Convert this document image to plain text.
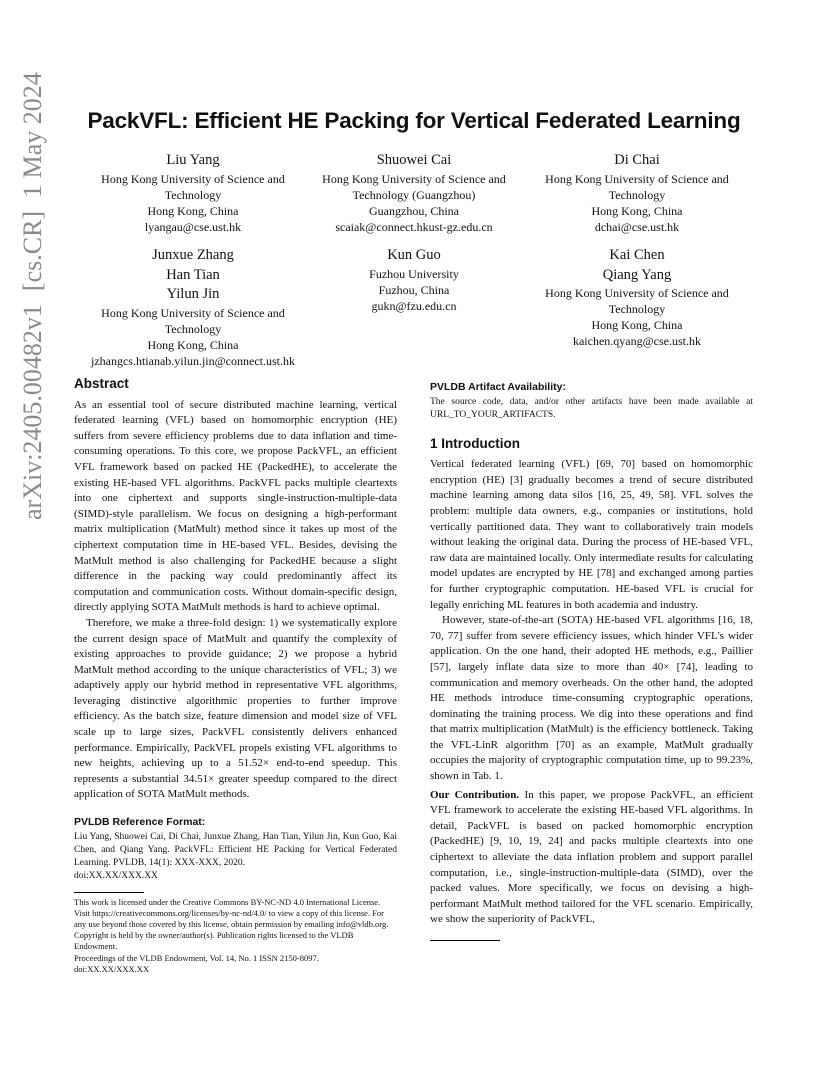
PackVFL: Efficient HE Packing for Vertical Federated Learning
arXiv:2405.00482v1  [cs.CR]  1 May 2024	Liu Yang
Hong Kong University of Science and
Technology
Hong Kong, China
lyangau@cse.ust.hk
Shuowei Cai
Hong Kong University of Science and
Technology (Guangzhou)
Guangzhou, China
scaiak@connect.hkust-gz.edu.cn
Di Chai
Hong Kong University of Science and
Technology
Hong Kong, China
dchai@cse.ust.hk
Junxue Zhang
Han Tian
Yilun Jin
Hong Kong University of Science and
Technology
Hong Kong, China
jzhangcs.htianab.yilun.jin@connect.ust.hk
Kun Guo
Fuzhou University
Fuzhou, China
gukn@fzu.edu.cn
Kai Chen
Qiang Yang
Hong Kong University of Science and
Technology
Hong Kong, China
kaichen.qyang@cse.ust.hk
Abstract

As an essential tool of secure distributed machine learning, vertical federated learning (VFL) based on homomorphic encryption (HE) suffers from severe efficiency problems due to data inflation and time-consuming operations. To this core, we propose PackVFL, an efficient VFL framework based on packed HE (PackedHE), to accelerate the existing HE-based VFL algorithms. PackVFL packs multiple cleartexts into one ciphertext and supports single-instruction-multiple-data (SIMD)-style parallelism. We focus on designing a high-performant matrix multiplication (MatMult) method since it takes up most of the ciphertext computation time in HE-based VFL. Besides, devising the MatMult method is also challenging for PackedHE because a slight difference in the packing way could predominantly affect its computation and communication costs. Without domain-specific design, directly applying SOTA MatMult methods is hard to achieve optimal.

Therefore, we make a three-fold design: 1) we systematically explore the current design space of MatMult and quantify the complexity of existing approaches to provide guidance; 2) we propose a hybrid MatMult method according to the unique characteristics of VFL; 3) we adaptively apply our hybrid method in representative VFL algorithms, leveraging distinctive algorithmic properties to further improve efficiency. As the batch size, feature dimension and model size of VFL scale up to large sizes, PackVFL consistently delivers enhanced performance. Empirically, PackVFL propels existing VFL algorithms to new heights, achieving up to a 51.52× end-to-end speedup. This represents a substantial 34.51× greater speedup compared to the direct application of SOTA MatMult methods.

PVLDB Reference Format:

Liu Yang, Shuowei Cai, Di Chai, Junxue Zhang, Han Tian, Yilun Jin, Kun Guo, Kai Chen, and Qiang Yang. PackVFL: Efficient HE Packing for Vertical Federated Learning. PVLDB, 14(1): XXX-XXX, 2020.

doi:XX.XX/XXX.XX

This work is licensed under the Creative Commons BY-NC-ND 4.0 International License. Visit https://creativecommons.org/licenses/by-nc-nd/4.0/ to view a copy of this license. For any use beyond those covered by this license, obtain permission by emailing info@vldb.org. Copyright is held by the owner/author(s). Publication rights licensed to the VLDB Endowment.

Proceedings of the VLDB Endowment, Vol. 14, No. 1 ISSN 2150-8097.

doi:XX.XX/XXX.XX

PVLDB Artifact Availability:

The source code, data, and/or other artifacts have been made available at URL_TO_YOUR_ARTIFACTS.

1 Introduction

Vertical federated learning (VFL) [69, 70] based on homomorphic encryption (HE) [3] gradually becomes a trend of secure distributed machine learning among data silos [16, 25, 49, 58]. VFL solves the problem: multiple data owners, e.g., companies or institutions, hold vertically partitioned data. They want to collaboratively train models without leaking the original data. During the process of HE-based VFL, raw data are maintained locally. Only intermediate results for calculating model updates are encrypted by HE [78] and exchanged among parties for further cryptographic computation. HE-based VFL is crucial for legally enriching ML features in both academia and industry.

However, state-of-the-art (SOTA) HE-based VFL algorithms [16, 18, 70, 77] suffer from severe efficiency issues, which hinder VFL's wider application. On the one hand, their adopted HE methods, e.g., Paillier [57], largely inflate data size to more than 40× [74], leading to communication and memory overheads. On the other hand, the adopted HE methods introduce time-consuming cryptographic operations, dominating the training process. We dig into these operations and find that matrix multiplication (MatMult) is the efficiency bottleneck. Taking the VFL-LinR algorithm [70] as an example, MatMult gradually occupies the majority of cryptographic computation time, up to 99.23%, shown in Tab. 1.

Our Contribution. In this paper, we propose PackVFL, an efficient VFL framework to accelerate the existing HE-based VFL algorithms. In detail, PackVFL is based on packed homomorphic encryption (PackedHE) [9, 10, 19, 24] and packs multiple cleartexts into one ciphertext to alleviate the data inflation problem and support parallel computation, i.e., single-instruction-multiple-data (SIMD), over the packed values. More specifically, we focus on devising a high-performant MatMult method tailored for the VFL scenario. Empirically, we show the superiority of PackVFL,
